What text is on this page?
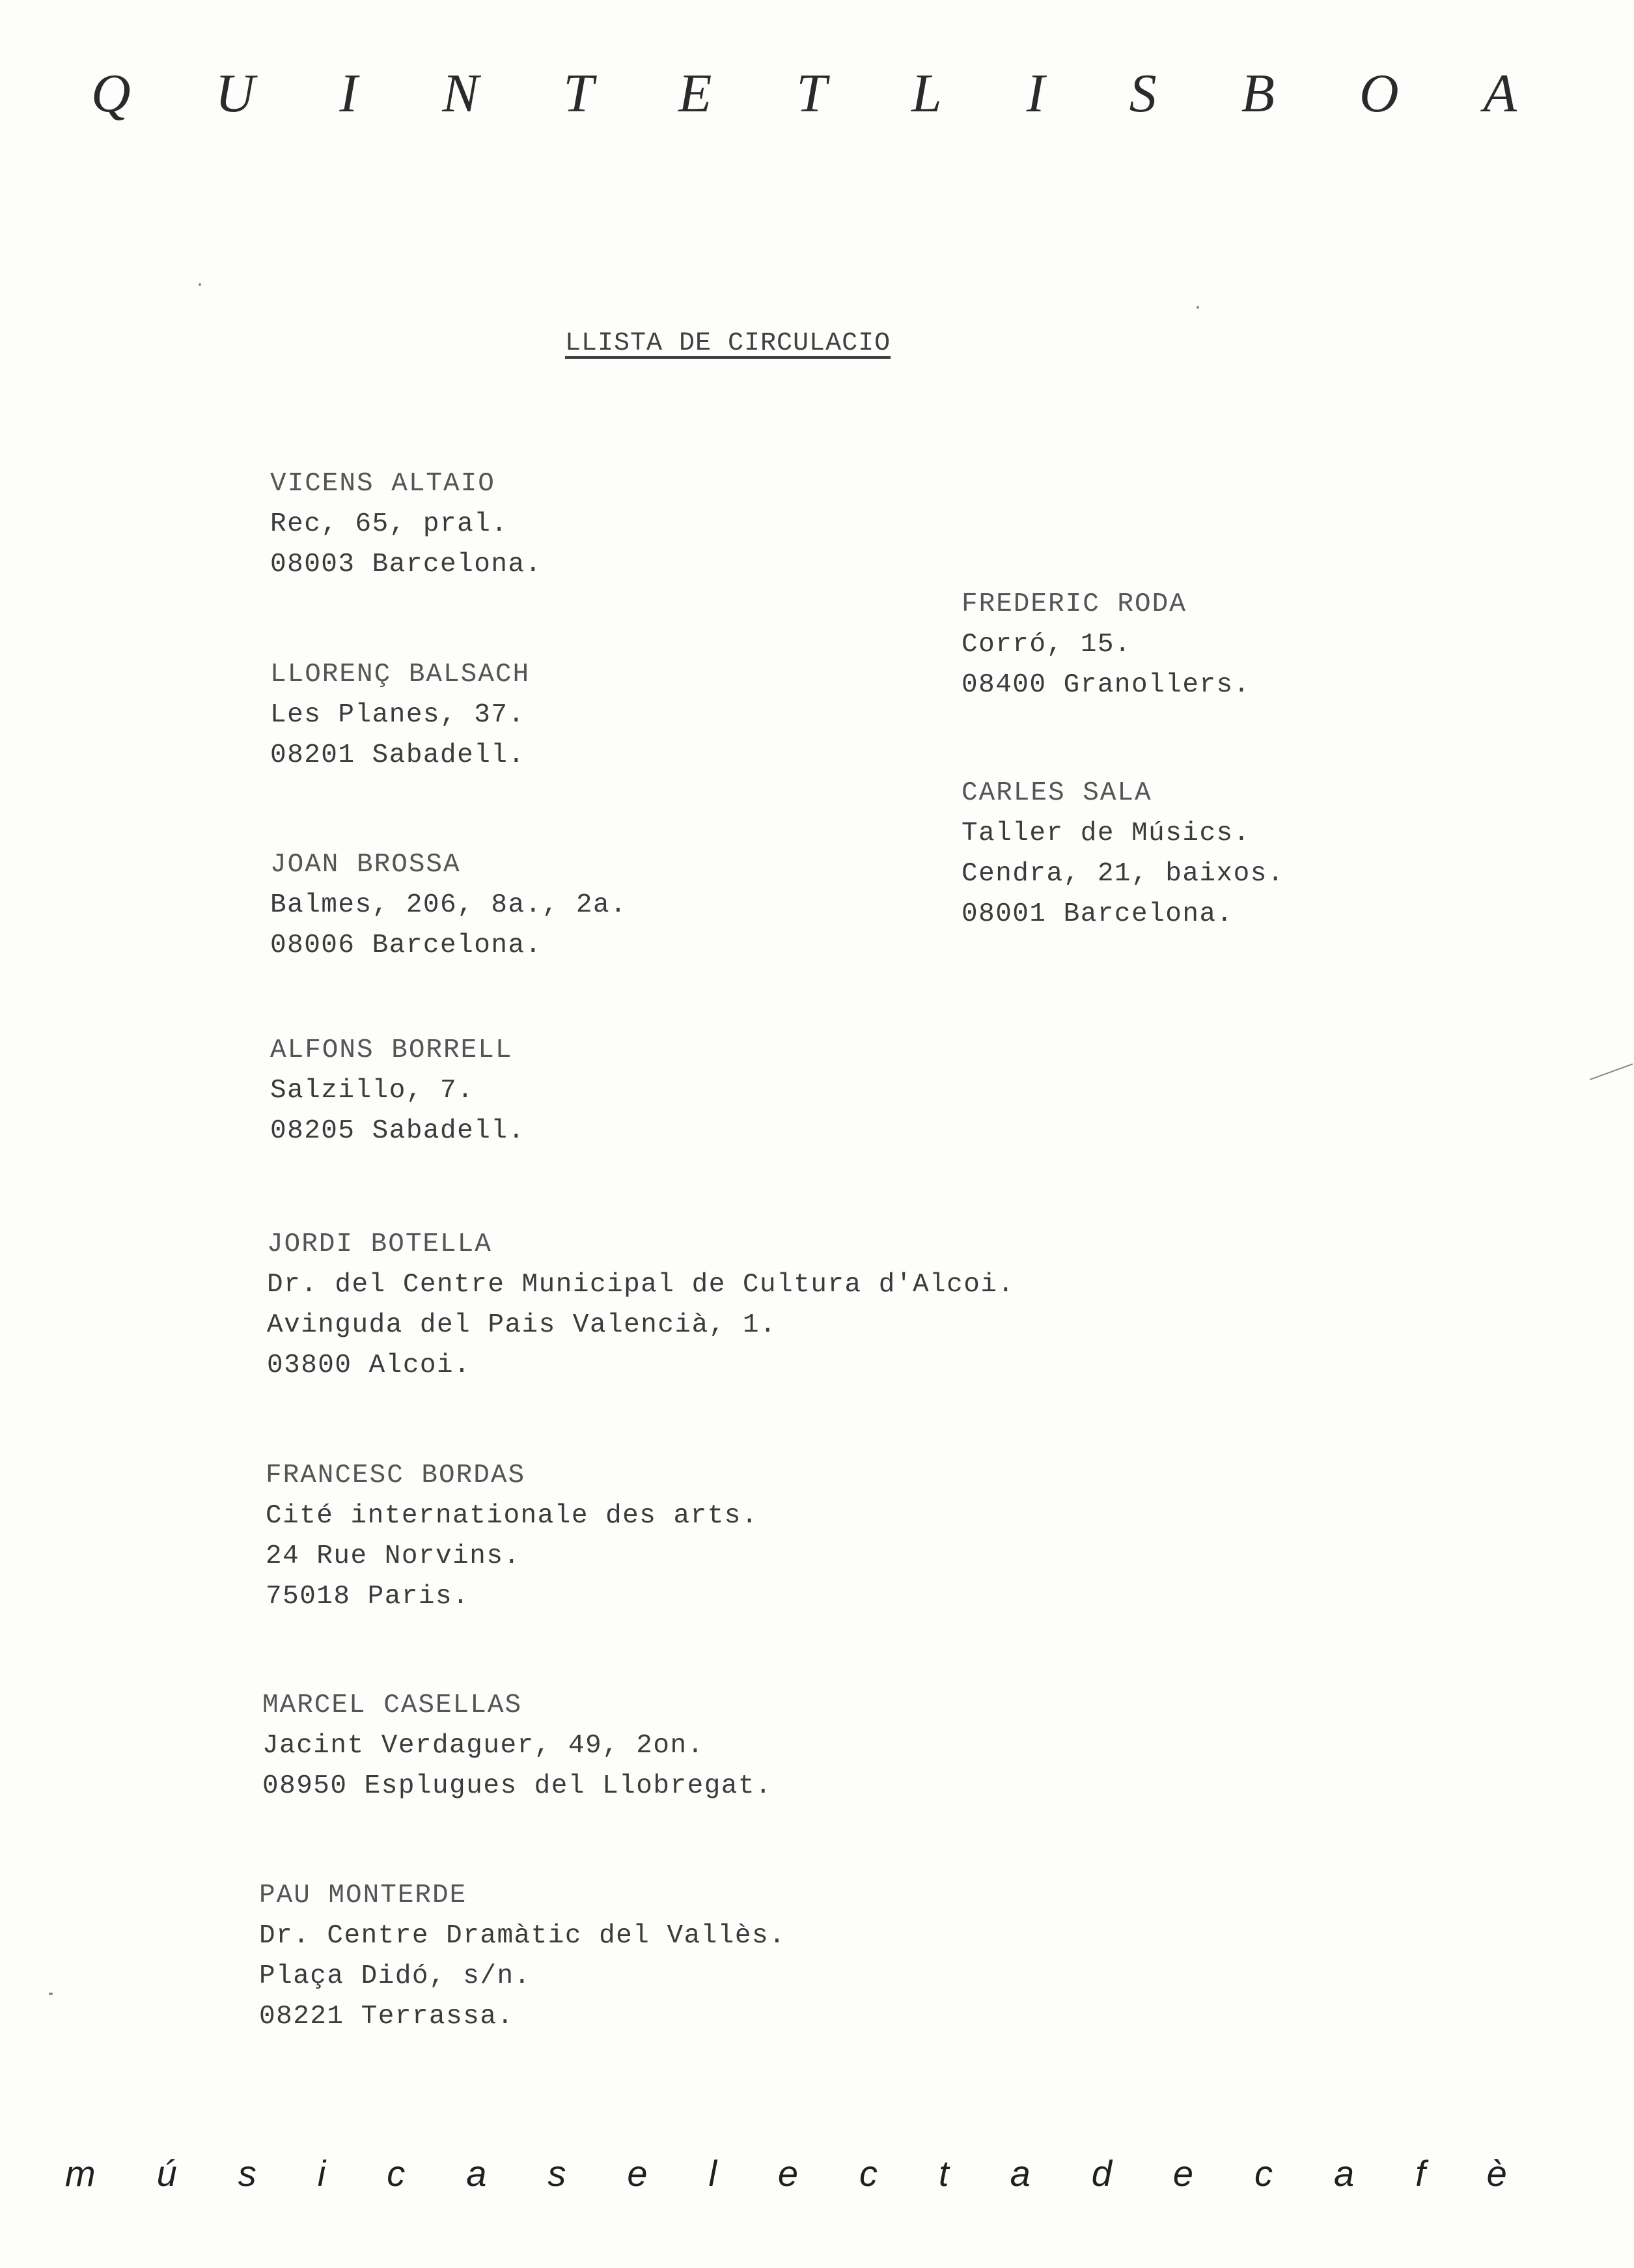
Q U I N T E T L I S B O A
LLISTA DE CIRCULACIO
VICENS ALTAIO
Rec, 65, pral.
08003 Barcelona.
LLORENÇ BALSACH
Les Planes, 37.
08201 Sabadell.
JOAN BROSSA
Balmes, 206, 8a., 2a.
08006 Barcelona.
ALFONS BORRELL
Salzillo, 7.
08205 Sabadell.
JORDI BOTELLA
Dr. del Centre Municipal de Cultura d'Alcoi.
Avinguda del Pais Valencià, 1.
03800 Alcoi.
FRANCESC BORDAS
Cité internationale des arts.
24 Rue Norvins.
75018 Paris.
MARCEL CASELLAS
Jacint Verdaguer, 49, 2on.
08950 Esplugues del Llobregat.
PAU MONTERDE
Dr. Centre Dramàtic del Vallès.
Plaça Didó, s/n.
08221 Terrassa.
FREDERIC RODA
Corró, 15.
08400 Granollers.
CARLES SALA
Taller de Músics.
Cendra, 21, baixos.
08001 Barcelona.
m ú s i c a s e l e c t a d e c a f è
